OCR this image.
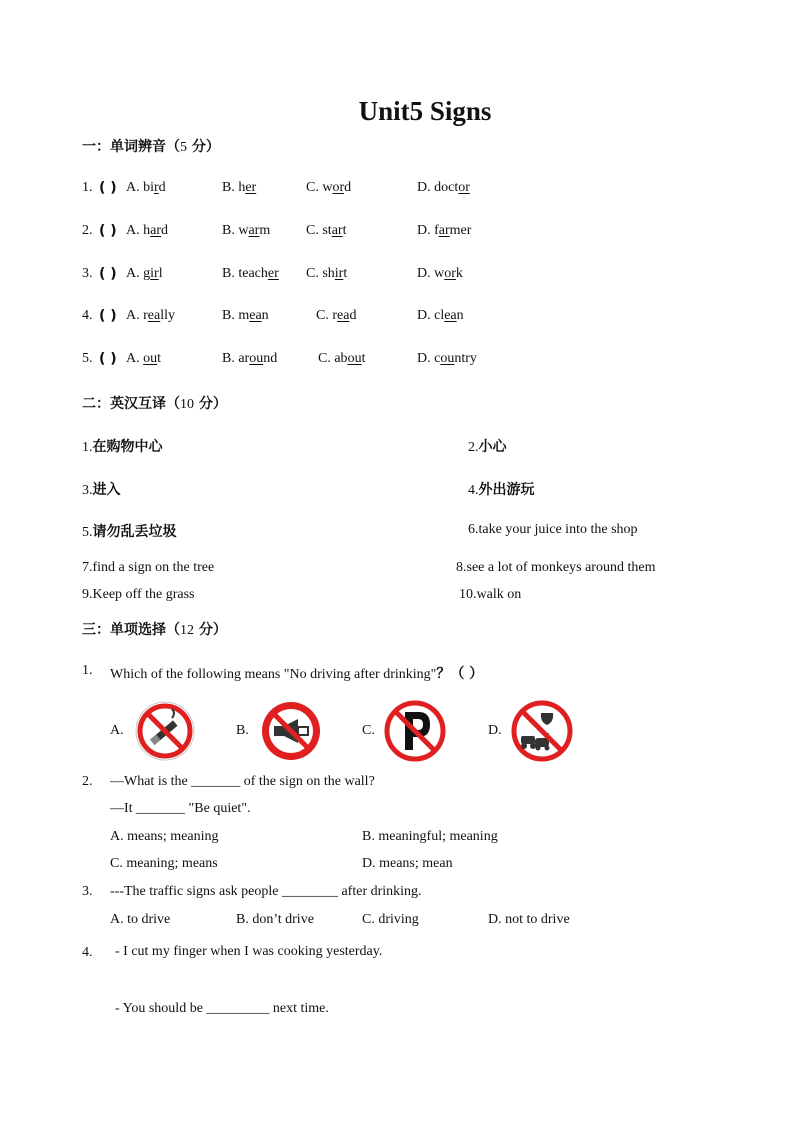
Unit5 Signs
一：单词辨音（5 分）
1. ( ) A. bird	B. her	C. word	D. doctor
2. ( ) A. hard	B. warm	C. start	D. farmer
3. ( ) A. girl	B. teacher C. shirt	D. work
4. ( ) A. really	B. mean	C. read	D. clean
5. ( ) A. out	B. around	C. about	D. country
二：英汉互译（10 分）
1.在购物中心	2.小心
3.进入	4.外出游玩
5.请勿乱丢垃圾	6.take your juice into the shop
7.find a sign on the tree	8.see a lot of monkeys around them
9.Keep off the grass	10.walk on
三：单项选择（12 分）
1. Which of the following means "No driving after drinking"？（ ）
A.	B.	C.	D.
2. —What is the _______ of the sign on the wall?
—It _______ "Be quiet".
A. means; meaning	B. meaningful; meaning
C. meaning; means	D. means; mean
3. ---The traffic signs ask people ________ after drinking.
A. to drive	B. don’t drive	C. driving	D. not to drive
4. - I cut my finger when I was cooking yesterday.
- You should be _________ next time.
